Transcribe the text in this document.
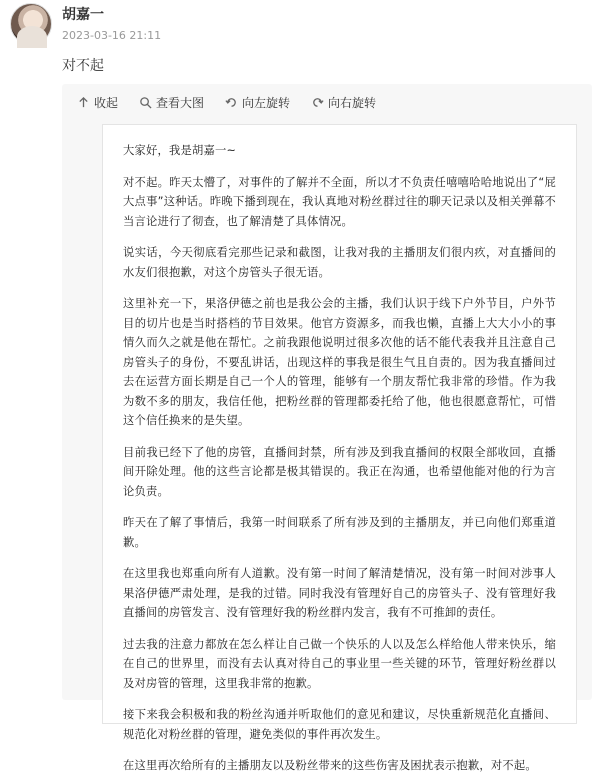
胡嘉一
2023-03-16 21:11
对不起
收起	查看大图	向左旋转	向右旋转

大家好，我是胡嘉一~

对不起。昨天太懵了，对事件的了解并不全面，所以才不负责任嘻嘻哈哈地说出了“屁大点事”这种话。昨晚下播到现在，我认真地对粉丝群过往的聊天记录以及相关弹幕不当言论进行了彻查，也了解清楚了具体情况。

说实话，今天彻底看完那些记录和截图，让我对我的主播朋友们很内疚，对直播间的水友们很抱歉，对这个房管头子很无语。

这里补充一下，果洛伊德之前也是我公会的主播，我们认识于线下户外节目，户外节目的切片也是当时搭档的节目效果。他官方资源多，而我也懒，直播上大大小小的事情久而久之就是他在帮忙。之前我跟他说明过很多次他的话不能代表我并且注意自己房管头子的身份，不要乱讲话，出现这样的事我是很生气且自责的。因为我直播间过去在运营方面长期是自己一个人的管理，能够有一个朋友帮忙我非常的珍惜。作为我为数不多的朋友，我信任他，把粉丝群的管理都委托给了他，他也很愿意帮忙，可惜这个信任换来的是失望。

目前我已经下了他的房管，直播间封禁，所有涉及到我直播间的权限全部收回，直播间开除处理。他的这些言论都是极其错误的。我正在沟通，也希望他能对他的行为言论负责。

昨天在了解了事情后，我第一时间联系了所有涉及到的主播朋友，并已向他们郑重道歉。

在这里我也郑重向所有人道歉。没有第一时间了解清楚情况，没有第一时间对涉事人果洛伊德严肃处理，是我的过错。同时我没有管理好自己的房管头子、没有管理好我直播间的房管发言、没有管理好我的粉丝群内发言，我有不可推卸的责任。

过去我的注意力都放在怎么样让自己做一个快乐的人以及怎么样给他人带来快乐，缩在自己的世界里，而没有去认真对待自己的事业里一些关键的环节，管理好粉丝群以及对房管的管理，这里我非常的抱歉。

接下来我会积极和我的粉丝沟通并听取他们的意见和建议，尽快重新规范化直播间、规范化对粉丝群的管理，避免类似的事件再次发生。

在这里再次给所有的主播朋友以及粉丝带来的这些伤害及困扰表示抱歉，对不起。
